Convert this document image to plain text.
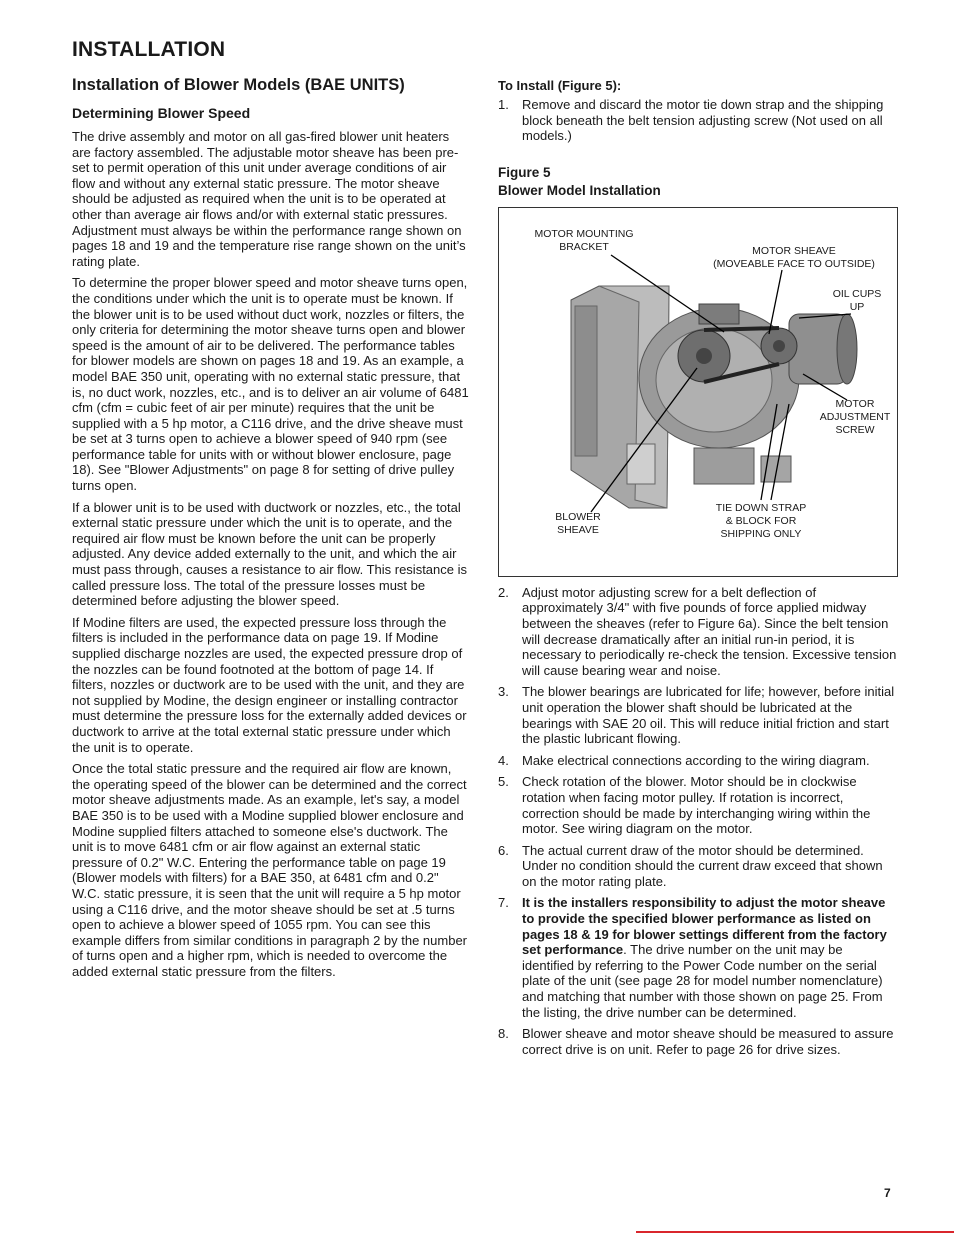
INSTALLATION
Installation of Blower Models (BAE UNITS)
Determining Blower Speed

The drive assembly and motor on all gas-fired blower unit heaters are factory assembled. The adjustable motor sheave has been pre-set to permit operation of this unit under average conditions of air flow and without any external static pressure. The motor sheave should be adjusted as required when the unit is to be operated at other than average air flows and/or with external static pressures. Adjustment must always be within the performance range shown on pages 18 and 19 and the temperature rise range shown on the unit’s rating plate.

To determine the proper blower speed and motor sheave turns open, the conditions under which the unit is to operate must be known. If the blower unit is to be used without duct work, nozzles or filters, the only criteria for determining the motor sheave turns open and blower speed is the amount of air to be delivered. The performance tables for blower models are shown on pages 18 and 19. As an example, a model BAE 350 unit, operating with no external static pressure, that is, no duct work, nozzles, etc., and is to deliver an air volume of 6481 cfm (cfm = cubic feet of air per minute) requires that the unit be supplied with a 5 hp motor, a C116 drive, and the drive sheave must be set at 3 turns open to achieve a blower speed of 940 rpm (see performance table for units with or without blower enclosure, page 18). See "Blower Adjustments" on page 8 for setting of drive pulley turns open.

If a blower unit is to be used with ductwork or nozzles, etc., the total external static pressure under which the unit is to operate, and the required air flow must be known before the unit can be properly adjusted. Any device added externally to the unit, and which the air must pass through, causes a resistance to air flow. This resistance is called pressure loss. The total of the pressure losses must be determined before adjusting the blower speed.

If Modine filters are used, the expected pressure loss through the filters is included in the performance data on page 19. If Modine supplied discharge nozzles are used, the expected pressure drop of the nozzles can be found footnoted at the bottom of page 14. If filters, nozzles or ductwork are to be used with the unit, and they are not supplied by Modine, the design engineer or installing contractor must determine the pressure loss for the externally added devices or ductwork to arrive at the total external static pressure under which the unit is to operate.

Once the total static pressure and the required air flow are known, the operating speed of the blower can be determined and the correct motor sheave adjustments made. As an example, let's say, a model BAE 350 is to be used with a Modine supplied blower enclosure and Modine supplied filters attached to someone else's ductwork. The unit is to move 6481 cfm or air flow against an external static pressure of 0.2" W.C. Entering the performance table on page 19 (Blower models with filters) for a BAE 350, at 6481 cfm and 0.2" W.C. static pressure, it is seen that the unit will require a 5 hp motor using a C116 drive, and the motor sheave should be set at .5 turns open to achieve a blower speed of 1055 rpm. You can see this example differs from similar conditions in paragraph 2 by the number of turns open and a higher rpm, which is needed to overcome the added external static pressure from the filters.

To Install (Figure 5):
1. Remove and discard the motor tie down strap and the shipping block beneath the belt tension adjusting screw (Not used on all models.)
Figure 5
Blower Model Installation
MOTOR MOUNTING
BRACKET	MOTOR SHEAVE
(MOVEABLE FACE TO OUTSIDE)
OIL CUPS
UP
MOTOR
ADJUSTMENT
SCREW
BLOWER
SHEAVE
TIE DOWN STRAP
& BLOCK FOR
SHIPPING ONLY
2. Adjust motor adjusting screw for a belt deflection of approximately 3/4" with five pounds of force applied midway between the sheaves (refer to Figure 6a). Since the belt tension will decrease dramatically after an initial run-in period, it is necessary to periodically re-check the tension. Excessive tension will cause bearing wear and noise.
3. The blower bearings are lubricated for life; however, before initial unit operation the blower shaft should be lubricated at the bearings with SAE 20 oil. This will reduce initial friction and start the plastic lubricant flowing.
4. Make electrical connections according to the wiring diagram.
5. Check rotation of the blower. Motor should be in clockwise rotation when facing motor pulley. If rotation is incorrect, correction should be made by interchanging wiring within the motor. See wiring diagram on the motor.
6. The actual current draw of the motor should be determined. Under no condition should the current draw exceed that shown on the motor rating plate.
7. It is the installers responsibility to adjust the motor sheave to provide the specified blower performance as listed on pages 18 & 19 for blower settings different from the factory set performance. The drive number on the unit may be identified by referring to the Power Code number on the serial plate of the unit (see page 28 for model number nomenclature) and matching that number with those shown on page 25. From the listing, the drive number can be determined.
8. Blower sheave and motor sheave should be measured to assure correct drive is on unit. Refer to page 26 for drive sizes.
7
